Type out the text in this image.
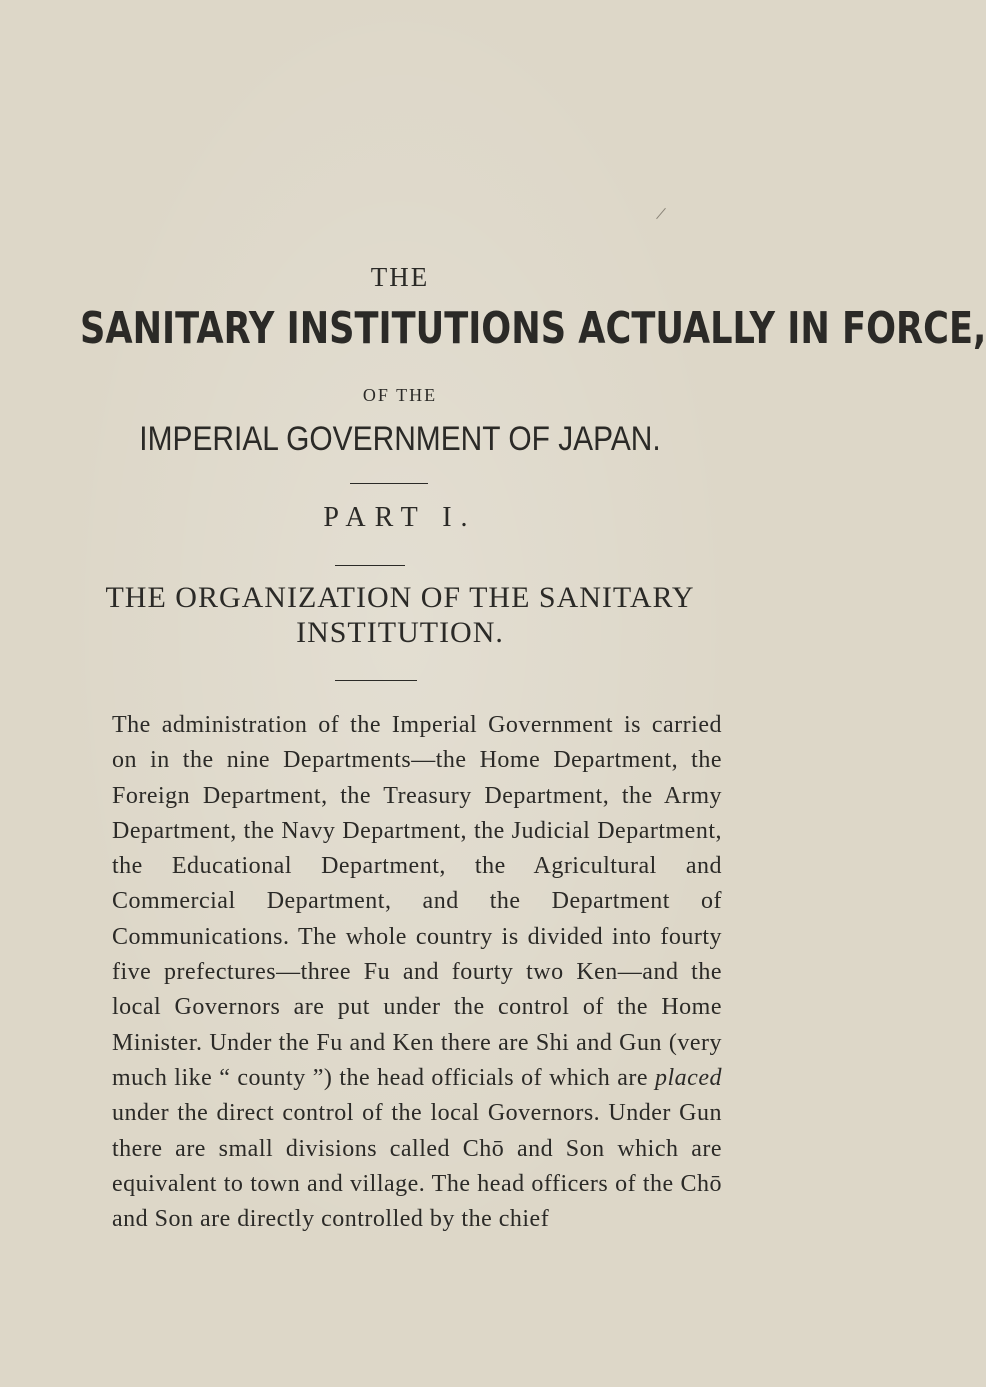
THE
SANITARY INSTITUTIONS ACTUALLY IN FORCE,
OF THE
IMPERIAL GOVERNMENT OF JAPAN.
PART I.
THE ORGANIZATION OF THE SANITARY
INSTITUTION.
The administration of the Imperial Government is carried on in the nine Departments—the Home Department, the Foreign Department, the Treasury Department, the Army Department, the Navy Department, the Judicial Department, the Educational Department, the Agricultural and Commercial Department, and the Department of Communications. The whole country is divided into fourty five prefectures—three Fu and fourty two Ken—and the local Governors are put under the control of the Home Minister. Under the Fu and Ken there are Shi and Gun (very much like “ county ”) the head officials of which are placed under the direct control of the local Governors. Under Gun there are small divisions called Chō and Son which are equivalent to town and village. The head officers of the Chō and Son are directly controlled by the chief
